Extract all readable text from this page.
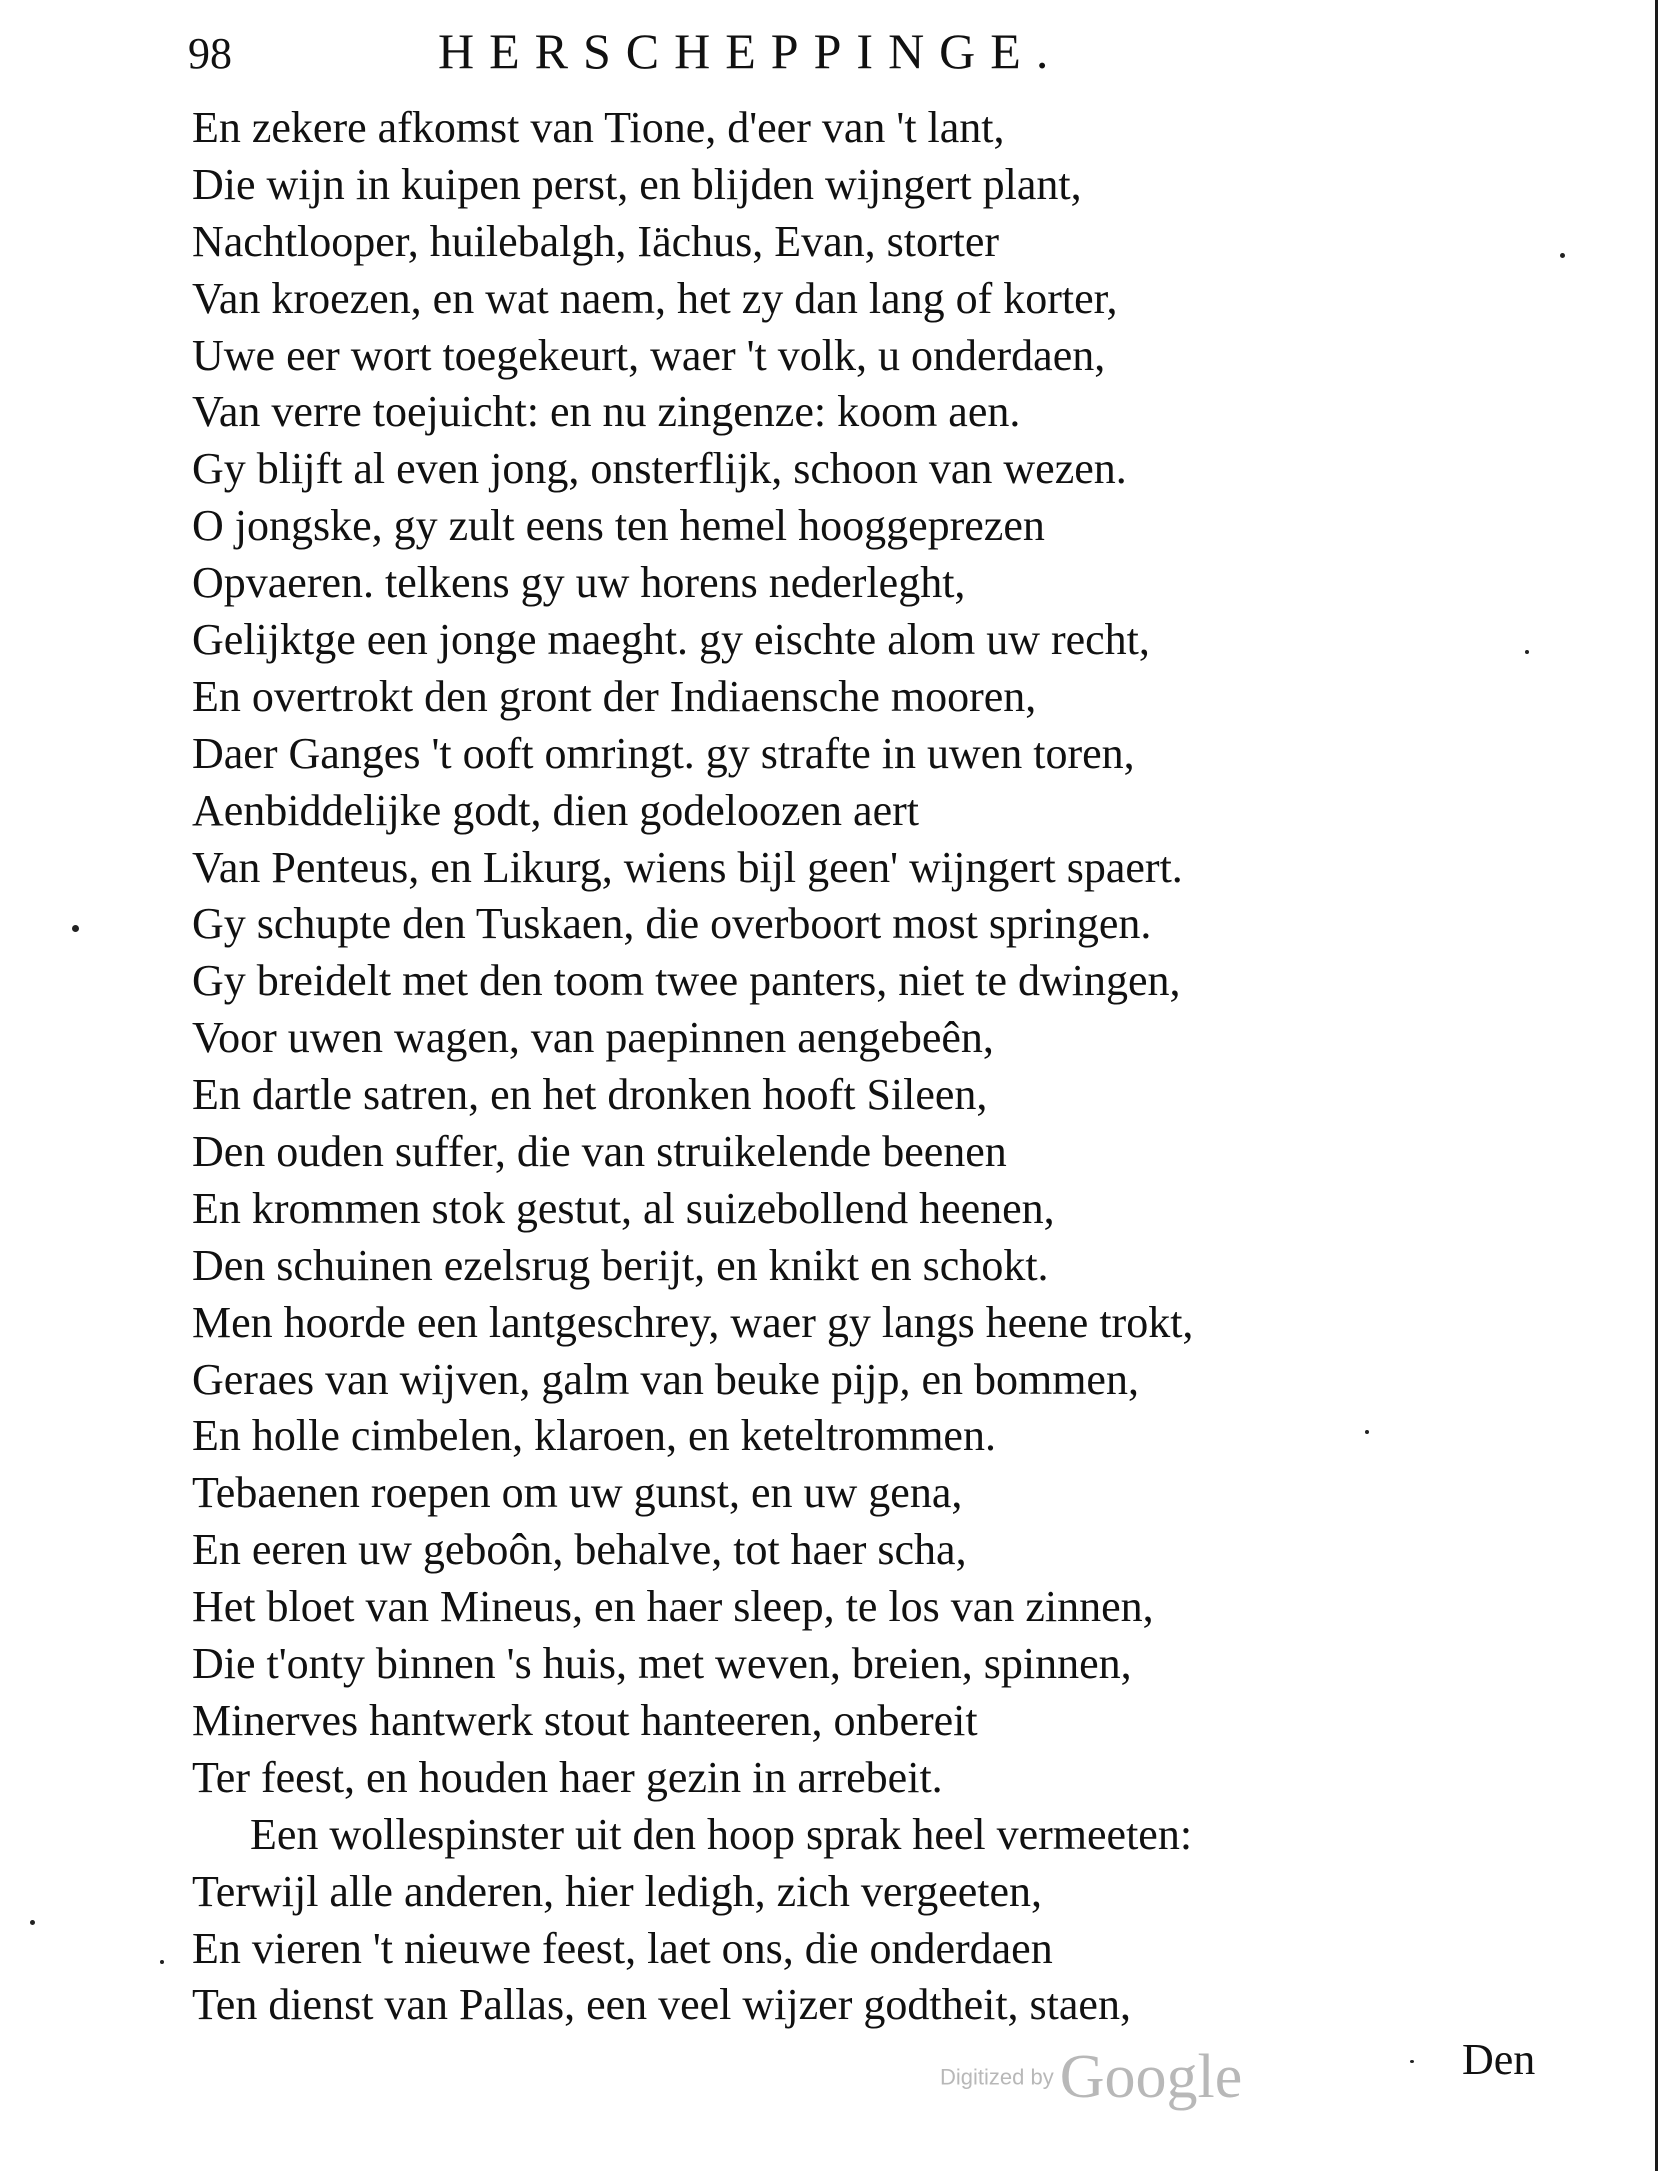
98	HERSCHEPPINGE.
En zekere afkomst van Tione, d'eer van 't lant,
Die wijn in kuipen perst, en blijden wijngert plant,
Nachtlooper, huilebalgh, Iächus, Evan, storter
Van kroezen, en wat naem, het zy dan lang of korter,
Uwe eer wort toegekeurt, waer 't volk, u onderdaen,
Van verre toejuicht: en nu zingenze: koom aen.
Gy blijft al even jong, onsterflijk, schoon van wezen.
O jongske, gy zult eens ten hemel hooggeprezen
Opvaeren. telkens gy uw horens nederleght,
Gelijktge een jonge maeght. gy eischte alom uw recht,
En overtrokt den gront der Indiaensche mooren,
Daer Ganges 't ooft omringt. gy strafte in uwen toren,
Aenbiddelijke godt, dien godeloozen aert
Van Penteus, en Likurg, wiens bijl geen' wijngert spaert.
Gy schupte den Tuskaen, die overboort most springen.
Gy breidelt met den toom twee panters, niet te dwingen,
Voor uwen wagen, van paepinnen aengebeên,
En dartle satren, en het dronken hooft Sileen,
Den ouden suffer, die van struikelende beenen
En krommen stok gestut, al suizebollend heenen,
Den schuinen ezelsrug berijt, en knikt en schokt.
Men hoorde een lantgeschrey, waer gy langs heene trokt,
Geraes van wijven, galm van beuke pijp, en bommen,
En holle cimbelen, klaroen, en keteltrommen.
Tebaenen roepen om uw gunst, en uw gena,
En eeren uw geboôn, behalve, tot haer scha,
Het bloet van Mineus, en haer sleep, te los van zinnen,
Die t'onty binnen 's huis, met weven, breien, spinnen,
Minerves hantwerk stout hanteeren, onbereit
Ter feest, en houden haer gezin in arrebeit.
Een wollespinster uit den hoop sprak heel vermeeten:
Terwijl alle anderen, hier ledigh, zich vergeeten,
En vieren 't nieuwe feest, laet ons, die onderdaen
Ten dienst van Pallas, een veel wijzer godtheit, staen,
Den
Digitized byGoogle
